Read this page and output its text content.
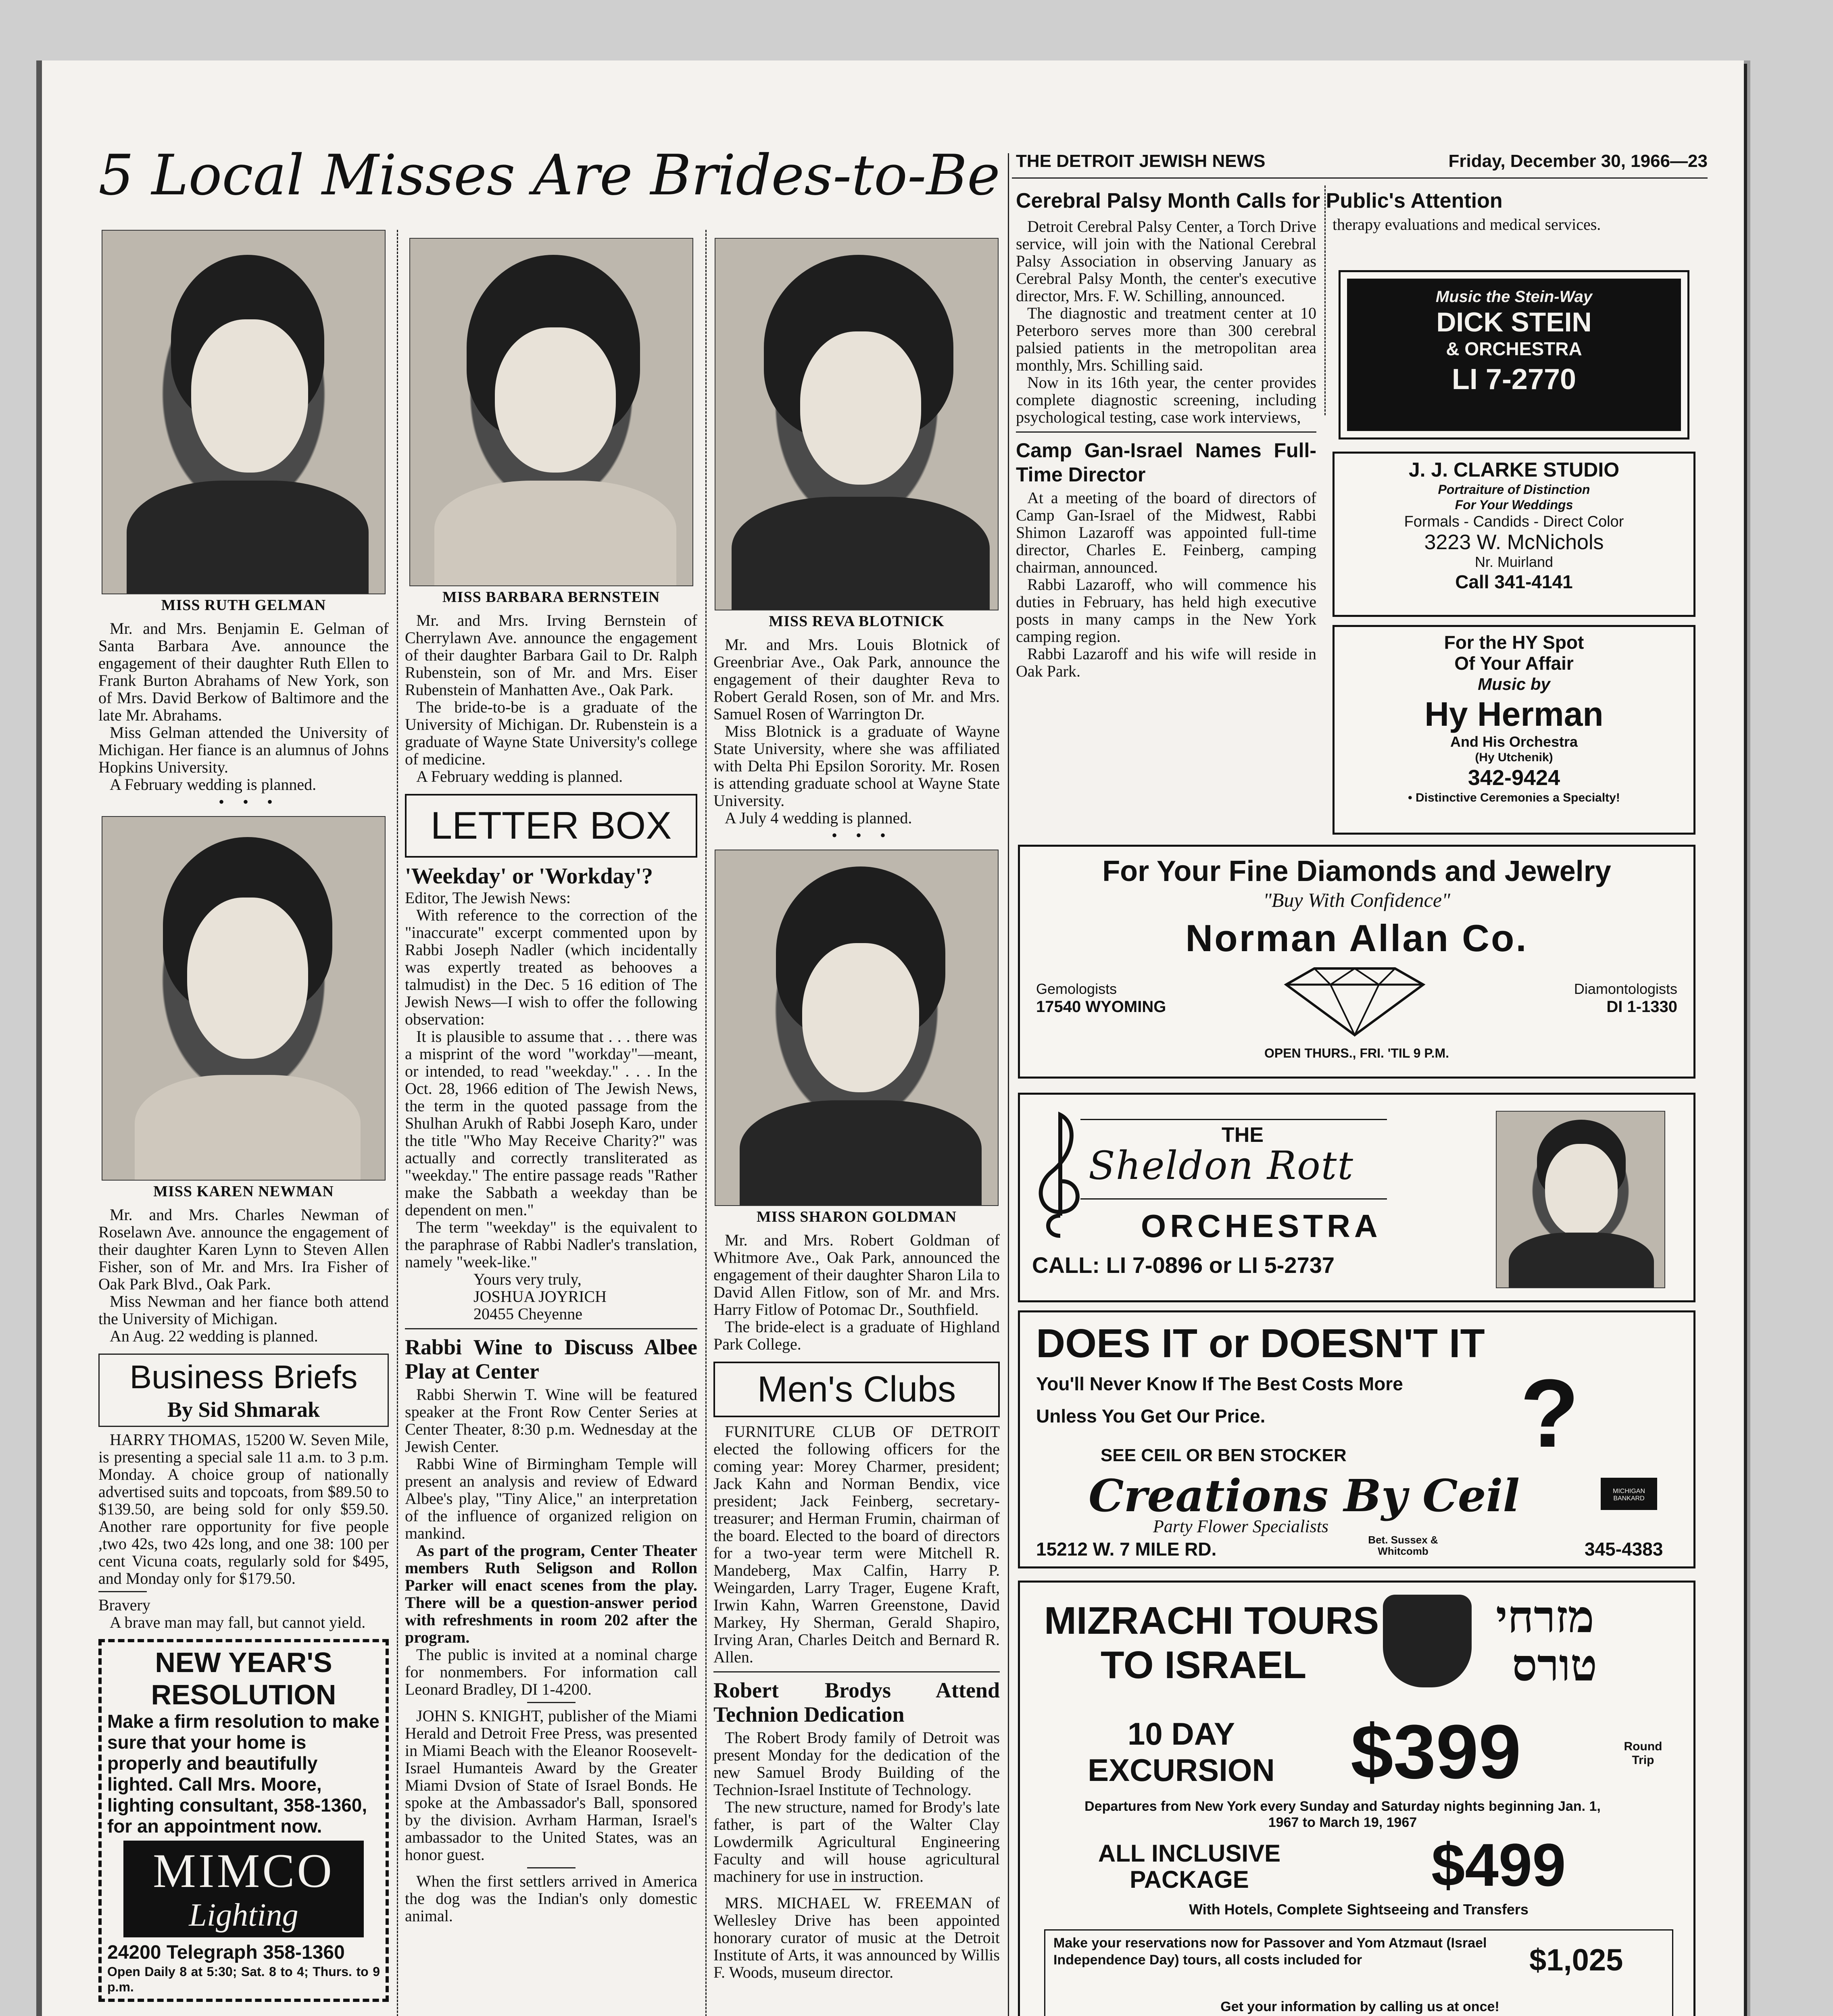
5 Local Misses Are Brides-to-Be THE DETROIT JEWISH NEWS	Friday, December 30, 1966—23
MISS RUTH GELMAN

Mr. and Mrs. Benjamin E. Gelman of Santa Barbara Ave. announce the engagement of their daughter Ruth Ellen to Frank Burton Abrahams of New York, son of Mrs. David Berkow of Baltimore and the late Mr. Abrahams.

Miss Gelman attended the University of Michigan. Her fiance is an alumnus of Johns Hopkins University.

A February wedding is planned.

• • •

MISS KAREN NEWMAN

Mr. and Mrs. Charles Newman of Roselawn Ave. announce the engagement of their daughter Karen Lynn to Steven Allen Fisher, son of Mr. and Mrs. Ira Fisher of Oak Park Blvd., Oak Park.

Miss Newman and her fiance both attend the University of Michigan.

An Aug. 22 wedding is planned.

Business Briefs
By Sid Shmarak

HARRY THOMAS, 15200 W. Seven Mile, is presenting a special sale 11 a.m. to 3 p.m. Monday. A choice group of nationally advertised suits and topcoats, from $89.50 to $139.50, are being sold for only $59.50. Another rare opportunity for five people ,two 42s, two 42s long, and one 38: 100 per cent Vicuna coats, regularly sold for $495, and Monday only for $179.50.

Bravery

A brave man may fall, but cannot yield.

NEW YEAR'S
RESOLUTION
Make a firm resolution to make sure that your home is properly and beautifully lighted. Call Mrs. Moore, lighting consultant, 358-1360, for an appointment now.
MIMCO
Lighting
24200 Telegraph 358-1360
Open Daily 8 at 5:30; Sat. 8 to 4; Thurs. to 9 p.m.
MISS BARBARA BERNSTEIN

Mr. and Mrs. Irving Bernstein of Cherrylawn Ave. announce the engagement of their daughter Barbara Gail to Dr. Ralph Rubenstein, son of Mr. and Mrs. Eiser Rubenstein of Manhatten Ave., Oak Park.

The bride-to-be is a graduate of the University of Michigan. Dr. Rubenstein is a graduate of Wayne State University's college of medicine.

A February wedding is planned.

LETTER BOX
'Weekday' or 'Workday'?
Editor, The Jewish News:

With reference to the correction of the "inaccurate" excerpt commented upon by Rabbi Joseph Nadler (which incidentally was expertly treated as behooves a talmudist) in the Dec. 5 16 edition of The Jewish News—I wish to offer the following observation:

It is plausible to assume that . . . there was a misprint of the word "workday"—meant, or intended, to read "weekday." . . . In the Oct. 28, 1966 edition of The Jewish News, the term in the quoted passage from the Shulhan Arukh of Rabbi Joseph Karo, under the title "Who May Receive Charity?" was actually and correctly transliterated as "weekday." The entire passage reads "Rather make the Sabbath a weekday than be dependent on men."

The term "weekday" is the equivalent to the paraphrase of Rabbi Nadler's translation, namely "week-like."

Yours very truly,
JOSHUA JOYRICH
20455 Cheyenne
Rabbi Wine to Discuss Albee Play at Center

Rabbi Sherwin T. Wine will be featured speaker at the Front Row Center Series at Center Theater, 8:30 p.m. Wednesday at the Jewish Center.

Rabbi Wine of Birmingham Temple will present an analysis and review of Edward Albee's play, "Tiny Alice," an interpretation of the influence of organized religion on mankind.

As part of the program, Center Theater members Ruth Seligson and Rollon Parker will enact scenes from the play. There will be a question-answer period with refreshments in room 202 after the program.

The public is invited at a nominal charge for nonmembers. For information call Leonard Bradley, DI 1-4200.

JOHN S. KNIGHT, publisher of the Miami Herald and Detroit Free Press, was presented in Miami Beach with the Eleanor Roosevelt-Israel Humanteis Award by the Greater Miami Dvsion of State of Israel Bonds. He spoke at the Ambassador's Ball, sponsored by the division. Avrham Harman, Israel's ambassador to the United States, was an honor guest.

When the first settlers arrived in America the dog was the Indian's only domestic animal.

MISS REVA BLOTNICK

Mr. and Mrs. Louis Blotnick of Greenbriar Ave., Oak Park, announce the engagement of their daughter Reva to Robert Gerald Rosen, son of Mr. and Mrs. Samuel Rosen of Warrington Dr.

Miss Blotnick is a graduate of Wayne State University, where she was affiliated with Delta Phi Epsilon Sorority. Mr. Rosen is attending graduate school at Wayne State University.

A July 4 wedding is planned.

• • •

MISS SHARON GOLDMAN

Mr. and Mrs. Robert Goldman of Whitmore Ave., Oak Park, announced the engagement of their daughter Sharon Lila to David Allen Fitlow, son of Mr. and Mrs. Harry Fitlow of Potomac Dr., Southfield.

The bride-elect is a graduate of Highland Park College.

Men's Clubs

FURNITURE CLUB OF DETROIT elected the following officers for the coming year: Morey Charmer, president; Jack Kahn and Norman Bendix, vice president; Jack Feinberg, secretary-treasurer; and Herman Frumin, chairman of the board. Elected to the board of directors for a two-year term were Mitchell R. Mandeberg, Max Calfin, Harry P. Weingarden, Larry Trager, Eugene Kraft, Irwin Kahn, Warren Greenstone, David Markey, Hy Sherman, Gerald Shapiro, Irving Aran, Charles Deitch and Bernard R. Allen.

Robert Brodys Attend Technion Dedication

The Robert Brody family of Detroit was present Monday for the dedication of the new Samuel Brody Building of the Technion-Israel Institute of Technology.

The new structure, named for Brody's late father, is part of the Walter Clay Lowdermilk Agricultural Engineering Faculty and will house agricultural machinery for use in instruction.

MRS. MICHAEL W. FREEMAN of Wellesley Drive has been appointed honorary curator of music at the Detroit Institute of Arts, it was announced by Willis F. Woods, museum director.

Cerebral Palsy Month Calls for Public's Attention

Detroit Cerebral Palsy Center, a Torch Drive service, will join with the National Cerebral Palsy Association in observing January as Cerebral Palsy Month, the center's executive director, Mrs. F. W. Schilling, announced.

The diagnostic and treatment center at 10 Peterboro serves more than 300 cerebral palsied patients in the metropolitan area monthly, Mrs. Schilling said.

Now in its 16th year, the center provides complete diagnostic screening, including psychological testing, case work interviews,

Camp Gan-Israel Names Full-Time Director

At a meeting of the board of directors of Camp Gan-Israel of the Midwest, Rabbi Shimon Lazaroff was appointed full-time director, Charles E. Feinberg, camping chairman, announced.

Rabbi Lazaroff, who will commence his duties in February, has held high executive posts in many camps in the New York camping region.

Rabbi Lazaroff and his wife will reside in Oak Park.

therapy evaluations and medical services.

Music the Stein-Way
DICK STEIN
& ORCHESTRA
LI 7-2770
J. J. CLARKE STUDIO
Portraiture of Distinction
For Your Weddings
Formals - Candids - Direct Color
3223 W. McNichols
Nr. Muirland
Call 341-4141
For the HY Spot
Of Your Affair
Music by
Hy Herman
And His Orchestra
(Hy Utchenik)
342-9424
• Distinctive Ceremonies a Specialty!
For Your Fine Diamonds and Jewelry
"Buy With Confidence"
Norman Allan Co.
Gemologists
17540 WYOMING
Diamontologists
DI 1-1330
OPEN THURS., FRI. 'TIL 9 P.M.
THE
Sheldon Rott
ORCHESTRA
CALL: LI 7-0896 or LI 5-2737
DOES IT or DOESN'T IT
You'll Never Know If The Best Costs More
Unless You Get Our Price.	?
SEE CEIL OR BEN STOCKER
Creations By Ceil	MICHIGAN BANKARD
Party Flower Specialists
15212 W. 7 MILE RD.	Bet. Sussex & Whitcomb	345-4383
MIZRACHI TOURS
TO ISRAEL
מזרחי
טורס
10 DAY
EXCURSION $399	Round Trip
Departures from New York every Sunday and Saturday nights beginning Jan. 1, 1967 to March 19, 1967
ALL INCLUSIVE
PACKAGE	$499
With Hotels, Complete Sightseeing and Transfers
Make your reservations now for Passover and Yom Atzmaut (Israel Independence Day) tours, all costs included for	$1,025
Get your information by calling us at once!
